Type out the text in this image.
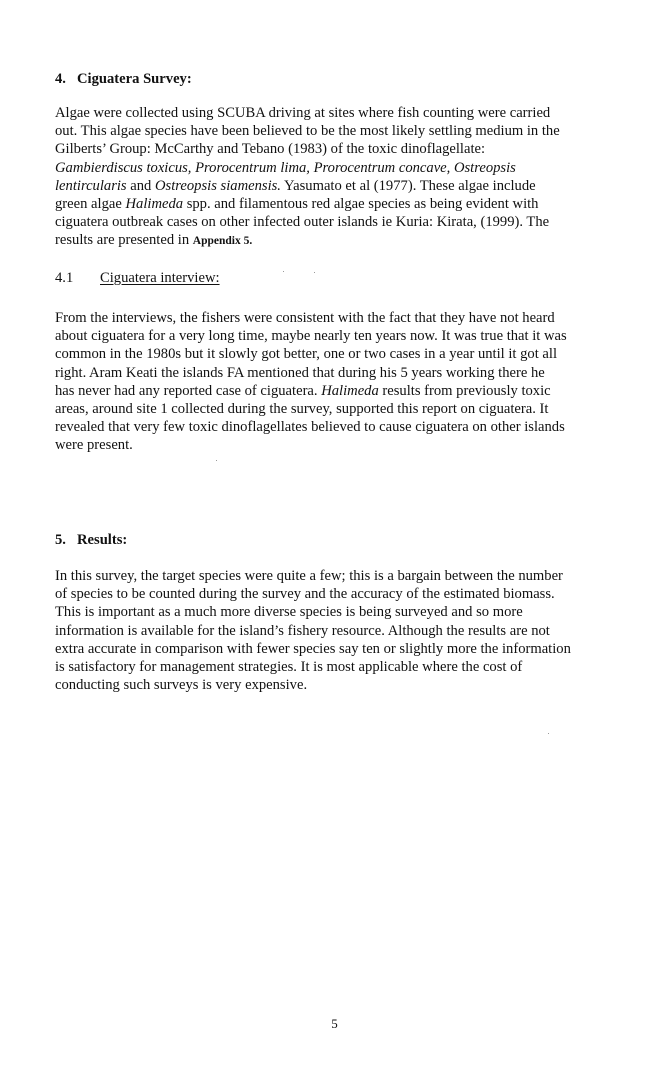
4. Ciguatera Survey:
Algae were collected using SCUBA driving at sites where fish counting were carried
out. This algae species have been believed to be the most likely settling medium in the
Gilberts’ Group: McCarthy and Tebano (1983) of the toxic dinoflagellate:
Gambierdiscus toxicus, Prorocentrum lima, Prorocentrum concave, Ostreopsis
lentircularis and Ostreopsis siamensis. Yasumato et al (1977). These algae include
green algae Halimeda spp. and filamentous red algae species as being evident with
ciguatera outbreak cases on other infected outer islands ie Kuria: Kirata, (1999). The
results are presented in Appendix 5.
4.1 Ciguatera interview:
From the interviews, the fishers were consistent with the fact that they have not heard
about ciguatera for a very long time, maybe nearly ten years now. It was true that it was
common in the 1980s but it slowly got better, one or two cases in a year until it got all
right. Aram Keati the islands FA mentioned that during his 5 years working there he
has never had any reported case of ciguatera. Halimeda results from previously toxic
areas, around site 1 collected during the survey, supported this report on ciguatera. It
revealed that very few toxic dinoflagellates believed to cause ciguatera on other islands
were present.
5. Results:
In this survey, the target species were quite a few; this is a bargain between the number
of species to be counted during the survey and the accuracy of the estimated biomass.
This is important as a much more diverse species is being surveyed and so more
information is available for the island’s fishery resource. Although the results are not
extra accurate in comparison with fewer species say ten or slightly more the information
is satisfactory for management strategies. It is most applicable where the cost of
conducting such surveys is very expensive.
5
